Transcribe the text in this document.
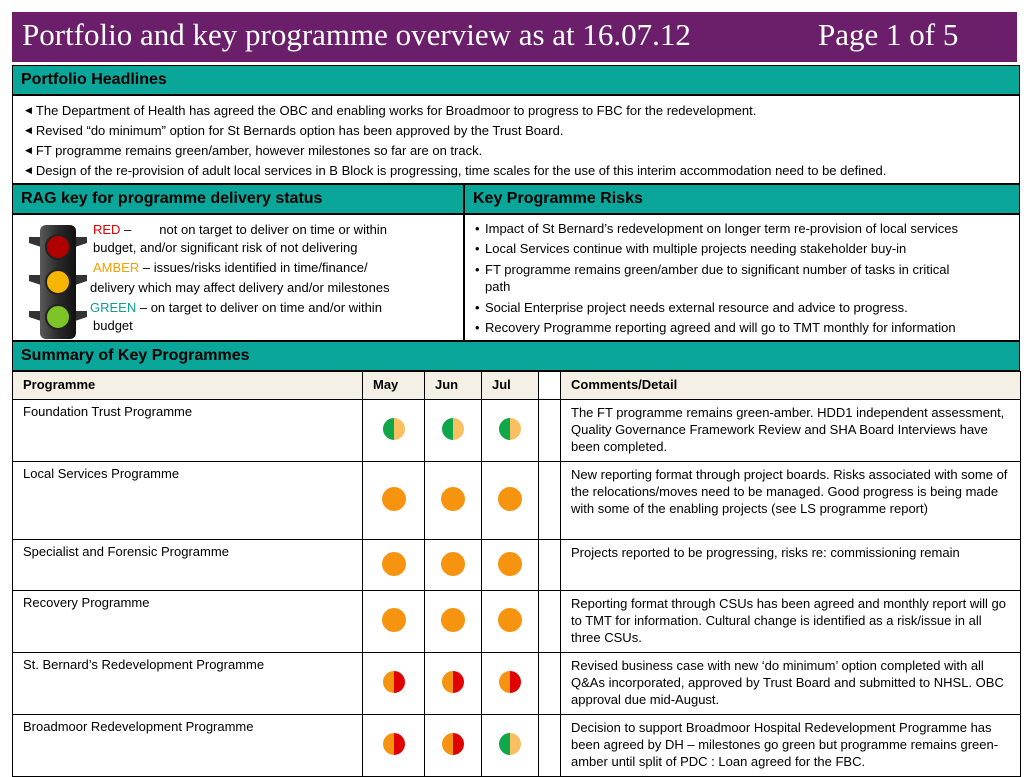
Portfolio and key programme overview as at 16.07.12	Page 1 of 5
Portfolio Headlines
◀ The Department of Health has agreed the OBC and enabling works for Broadmoor to progress to FBC for the redevelopment.
◀ Revised “do minimum” option for St Bernards option has been approved by the Trust Board.
◀ FT programme remains green/amber, however milestones so far are on track.
◀ Design of the re-provision of adult local services in B Block is progressing, time scales for the use of this interim accommodation need to be defined.
RAG key for programme delivery status
RED – not on target to deliver on time or within
budget, and/or significant risk of not delivering
AMBER – issues/risks identified in time/finance/
delivery which may affect delivery and/or milestones
GREEN – on target to deliver on time and/or within
budget
Key Programme Risks
• Impact of St Bernard’s redevelopment on longer term re-provision of local services
• Local Services continue with multiple projects needing stakeholder buy-in
• FT programme remains green/amber due to significant number of tasks in critical
path
• Social Enterprise project needs external resource and advice to progress.
• Recovery Programme reporting agreed and will go to TMT monthly for information
Summary of Key Programmes
Programme	May	Jun	Jul		Comments/Detail
Foundation Trust Programme					The FT programme remains green-amber. HDD1 independent assessment, Quality Governance Framework Review and SHA Board Interviews have been completed.
Local Services Programme					New reporting format through project boards. Risks associated with some of the relocations/moves need to be managed. Good progress is being made with some of the enabling projects (see LS programme report)
Specialist and Forensic Programme					Projects reported to be progressing, risks re: commissioning remain
Recovery Programme					Reporting format through CSUs has been agreed and monthly report will go to TMT for information. Cultural change is identified as a risk/issue in all three CSUs.
St. Bernard’s Redevelopment Programme					Revised business case with new ‘do minimum’ option completed with all Q&As incorporated, approved by Trust Board and submitted to NHSL. OBC approval due mid-August.
Broadmoor Redevelopment Programme					Decision to support Broadmoor Hospital Redevelopment Programme has been agreed by DH – milestones go green but programme remains green-amber until split of PDC : Loan agreed for the FBC.
